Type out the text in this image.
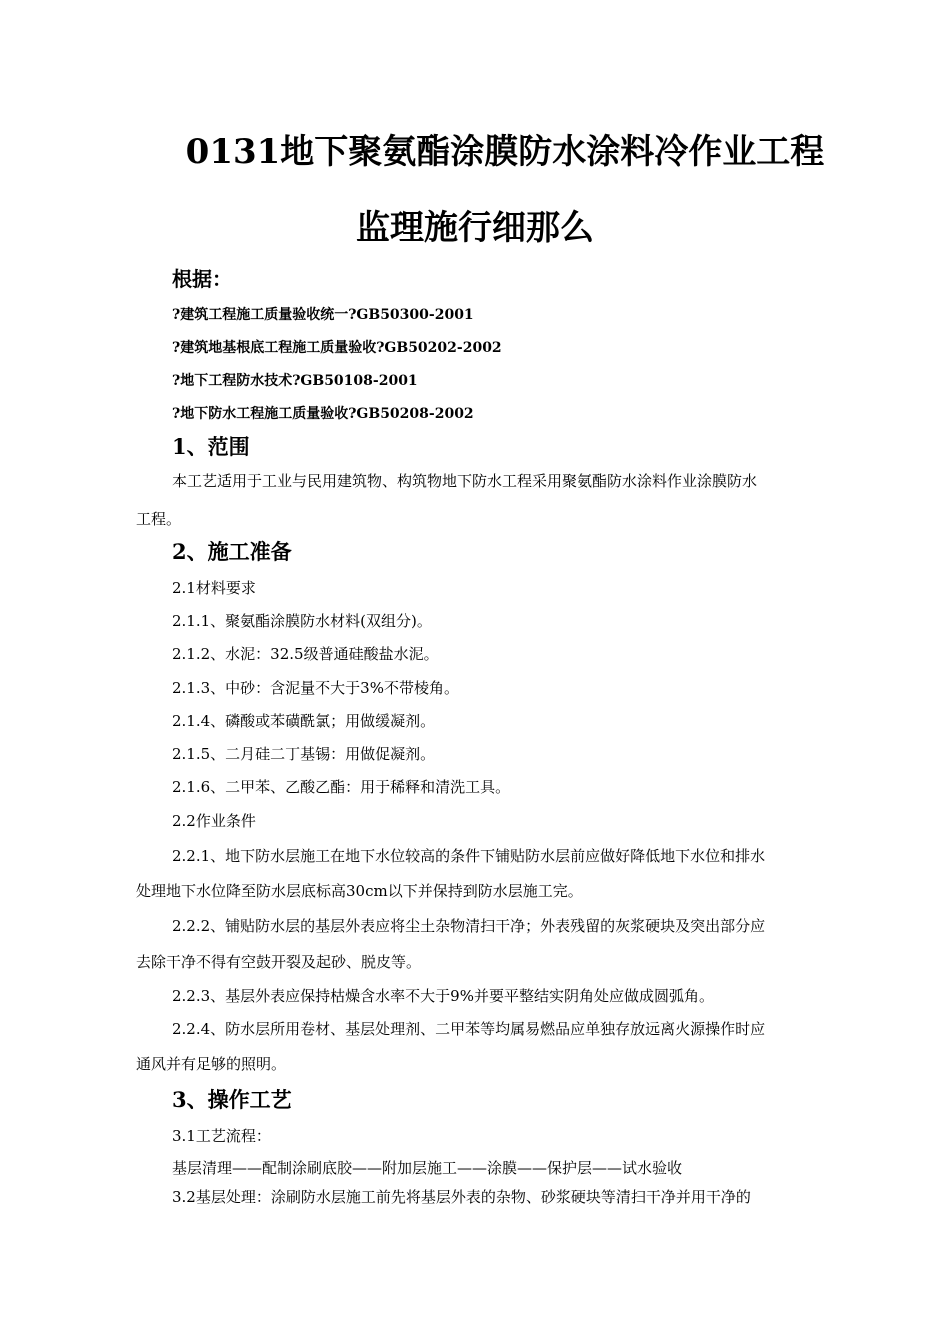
0131地下聚氨酯涂膜防水涂料冷作业工程
监理施行细那么
根据：
?建筑工程施工质量验收统一?GB50300-2001
?建筑地基根底工程施工质量验收?GB50202-2002
?地下工程防水技术?GB50108-2001
?地下防水工程施工质量验收?GB50208-2002
1、范围
本工艺适用于工业与民用建筑物、构筑物地下防水工程采用聚氨酯防水涂料作业涂膜防水
工程。
2、施工准备
2.1材料要求
2.1.1、聚氨酯涂膜防水材料(双组分)。
2.1.2、水泥：32.5级普通硅酸盐水泥。
2.1.3、中砂：含泥量不大于3%不带棱角。
2.1.4、磷酸或苯磺酰氯；用做缓凝剂。
2.1.5、二月硅二丁基锡：用做促凝剂。
2.1.6、二甲苯、乙酸乙酯：用于稀释和清洗工具。
2.2作业条件
2.2.1、地下防水层施工在地下水位较高的条件下铺贴防水层前应做好降低地下水位和排水
处理地下水位降至防水层底标高30cm以下并保持到防水层施工完。
2.2.2、铺贴防水层的基层外表应将尘土杂物清扫干净；外表残留的灰浆硬块及突出部分应
去除干净不得有空鼓开裂及起砂、脱皮等。
2.2.3、基层外表应保持枯燥含水率不大于9%并要平整结实阴角处应做成圆弧角。
2.2.4、防水层所用卷材、基层处理剂、二甲苯等均属易燃品应单独存放远离火源操作时应
通风并有足够的照明。
3、操作工艺
3.1工艺流程：
基层清理——配制涂刷底胶——附加层施工——涂膜——保护层——试水验收
3.2基层处理：涂刷防水层施工前先将基层外表的杂物、砂浆硬块等清扫干净并用干净的
